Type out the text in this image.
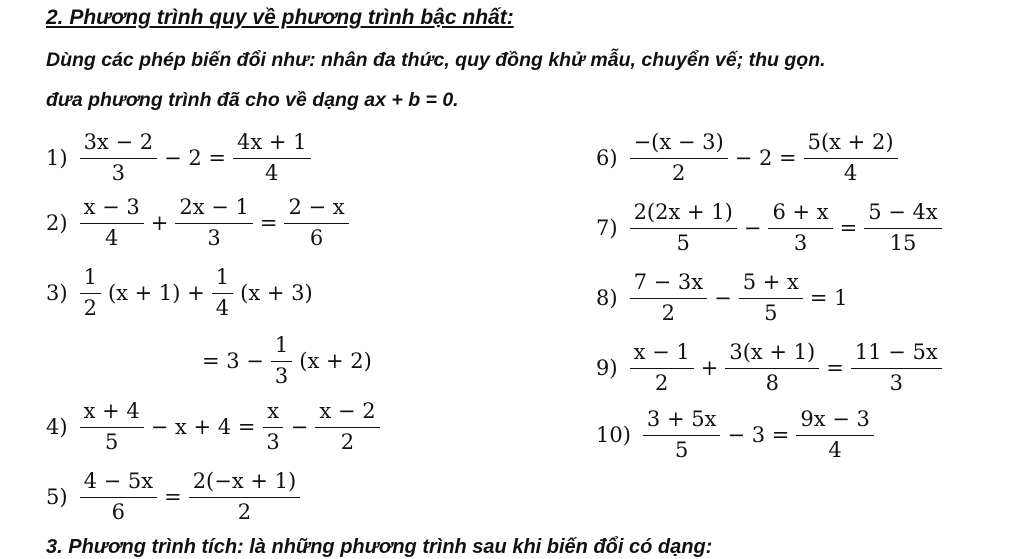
2. Phương trình quy về phương trình bậc nhất:

Dùng các phép biến đổi như: nhân đa thức, quy đồng khử mẫu, chuyển vế; thu gọn.

đưa phương trình đã cho về dạng ax + b = 0.

$1) \frac{3x - 2}{3} - 2 = \frac{4x + 1}{4}$
$2) \frac{x - 3}{4} + \frac{2x - 1}{3} = \frac{2 - x}{6}$
$3) \frac{1}{2} (x + 1) + \frac{1}{4} (x + 3)$
= $3 - \frac{1}{3} (x + 2)$
$4) \frac{x + 4}{5} - x + 4 = \frac{x}{3} - \frac{x - 2}{2}$
$5) \frac{4 - 5x}{6} = \frac{2(-x + 1)}{2}$
$6) \frac{-(x - 3)}{2} - 2 = \frac{5(x + 2)}{4}$
$7) \frac{2(2x + 1)}{5} - \frac{6 + x}{3} = \frac{5 - 4x}{15}$
$8) \frac{7 - 3x}{2} - \frac{5 + x}{5} = 1$
$9) \frac{x - 1}{2} + \frac{3(x + 1)}{8} = \frac{11 - 5x}{3}$
$10) \frac{3 + 5x}{5} - 3 = \frac{9x - 3}{4}$

3. Phương trình tích: là những phương trình sau khi biến đổi có dạng:
